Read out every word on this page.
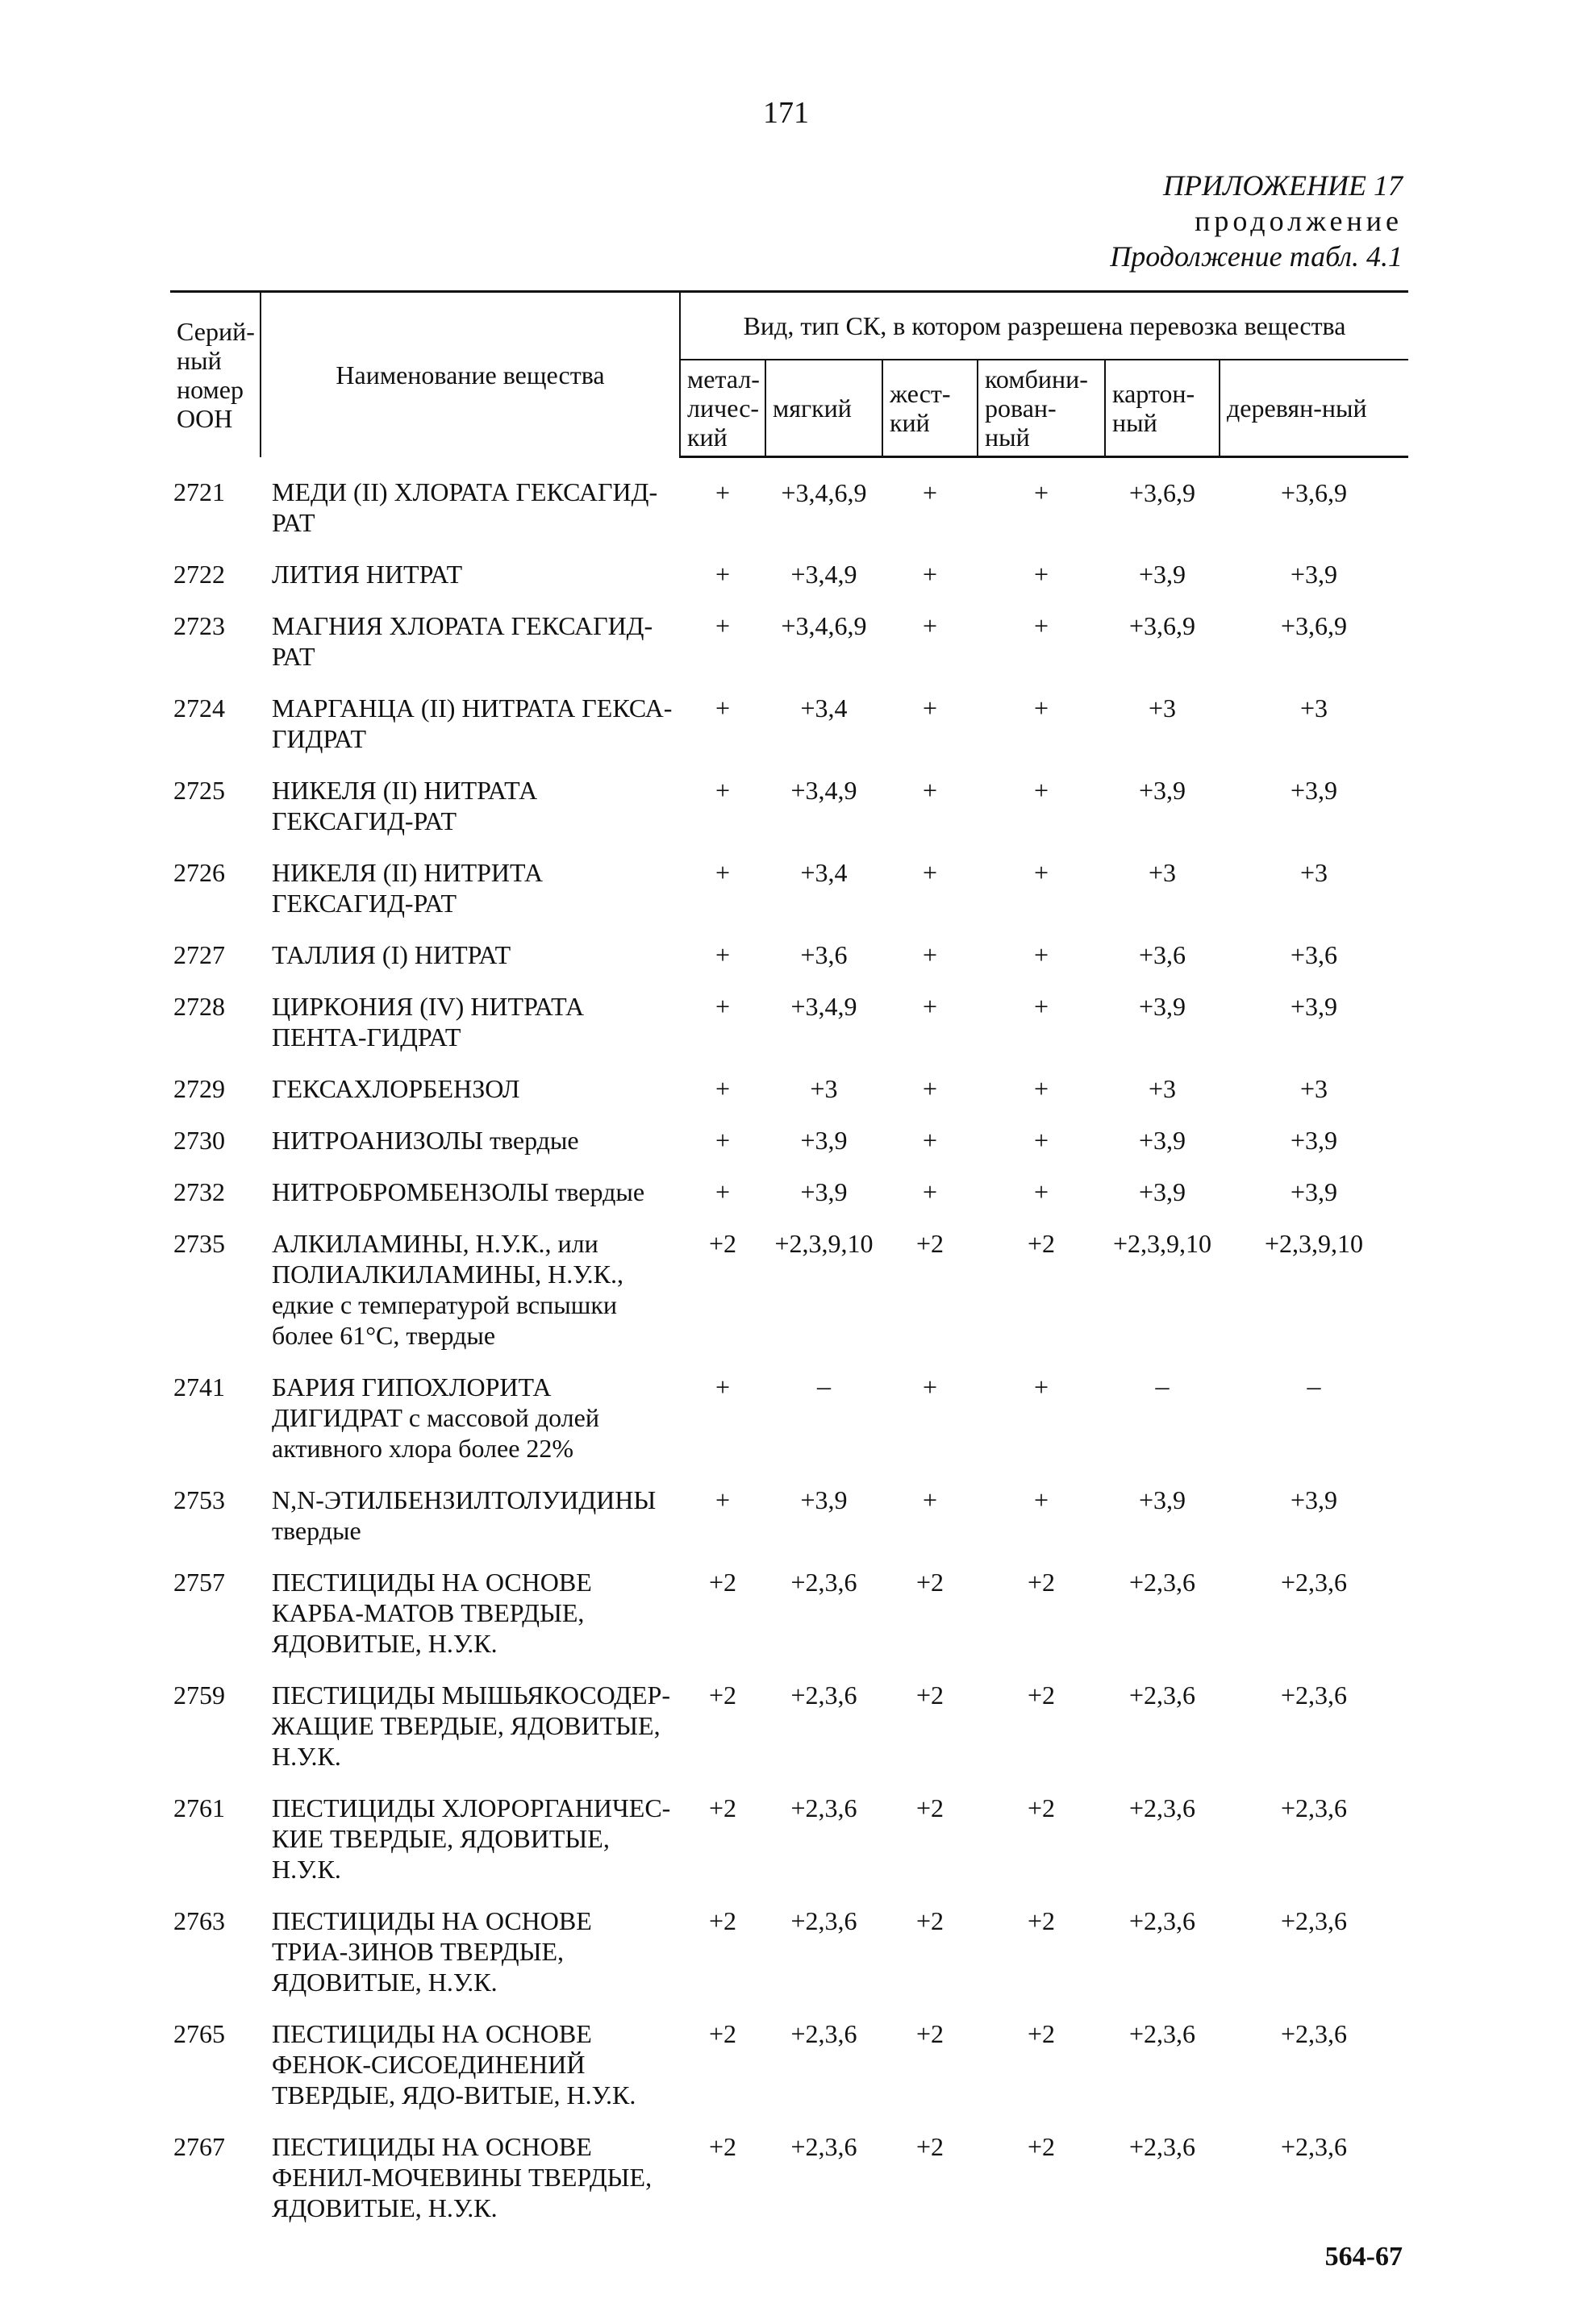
171
ПРИЛОЖЕНИЕ 17
продолжение
Продолжение табл. 4.1
Серий-ный номер ООН	Наименование вещества	Вид, тип СК, в котором разрешена перевозка вещества					
		метал-личес-кий	мягкий	жест-кий	комбини-рован-ный	картон-ный	деревян-ный
2721	МЕДИ (II) ХЛОРАТА ГЕКСАГИД-РАТ	+	+3,4,6,9	+	+	+3,6,9	+3,6,9
2722	ЛИТИЯ НИТРАТ	+	+3,4,9	+	+	+3,9	+3,9
2723	МАГНИЯ ХЛОРАТА ГЕКСАГИД-РАТ	+	+3,4,6,9	+	+	+3,6,9	+3,6,9
2724	МАРГАНЦА (II) НИТРАТА ГЕКСА-ГИДРАТ	+	+3,4	+	+	+3	+3
2725	НИКЕЛЯ (II) НИТРАТА ГЕКСАГИД-РАТ	+	+3,4,9	+	+	+3,9	+3,9
2726	НИКЕЛЯ (II) НИТРИТА ГЕКСАГИД-РАТ	+	+3,4	+	+	+3	+3
2727	ТАЛЛИЯ (I) НИТРАТ	+	+3,6	+	+	+3,6	+3,6
2728	ЦИРКОНИЯ (IV) НИТРАТА ПЕНТА-ГИДРАТ	+	+3,4,9	+	+	+3,9	+3,9
2729	ГЕКСАХЛОРБЕНЗОЛ	+	+3	+	+	+3	+3
2730	НИТРОАНИЗОЛЫ твердые	+	+3,9	+	+	+3,9	+3,9
2732	НИТРОБРОМБЕНЗОЛЫ твердые	+	+3,9	+	+	+3,9	+3,9
2735	АЛКИЛАМИНЫ, Н.У.К., или ПОЛИАЛКИЛАМИНЫ, Н.У.К., едкие с температурой вспышки более 61°С, твердые	+2	+2,3,9,10	+2	+2	+2,3,9,10	+2,3,9,10
2741	БАРИЯ ГИПОХЛОРИТА ДИГИДРАТ с массовой долей активного хлора более 22%	+	–	+	+	–	–
2753	N,N-ЭТИЛБЕНЗИЛТОЛУИДИНЫ твердые	+	+3,9	+	+	+3,9	+3,9
2757	ПЕСТИЦИДЫ НА ОСНОВЕ КАРБА-МАТОВ ТВЕРДЫЕ, ЯДОВИТЫЕ, Н.У.К.	+2	+2,3,6	+2	+2	+2,3,6	+2,3,6
2759	ПЕСТИЦИДЫ МЫШЬЯКОСОДЕР-ЖАЩИЕ ТВЕРДЫЕ, ЯДОВИТЫЕ, Н.У.К.	+2	+2,3,6	+2	+2	+2,3,6	+2,3,6
2761	ПЕСТИЦИДЫ ХЛОРОРГАНИЧЕС-КИЕ ТВЕРДЫЕ, ЯДОВИТЫЕ, Н.У.К.	+2	+2,3,6	+2	+2	+2,3,6	+2,3,6
2763	ПЕСТИЦИДЫ НА ОСНОВЕ ТРИА-ЗИНОВ ТВЕРДЫЕ, ЯДОВИТЫЕ, Н.У.К.	+2	+2,3,6	+2	+2	+2,3,6	+2,3,6
2765	ПЕСТИЦИДЫ НА ОСНОВЕ ФЕНОК-СИСОЕДИНЕНИЙ ТВЕРДЫЕ, ЯДО-ВИТЫЕ, Н.У.К.	+2	+2,3,6	+2	+2	+2,3,6	+2,3,6
2767	ПЕСТИЦИДЫ НА ОСНОВЕ ФЕНИЛ-МОЧЕВИНЫ ТВЕРДЫЕ, ЯДОВИТЫЕ, Н.У.К.	+2	+2,3,6	+2	+2	+2,3,6	+2,3,6
564-67
